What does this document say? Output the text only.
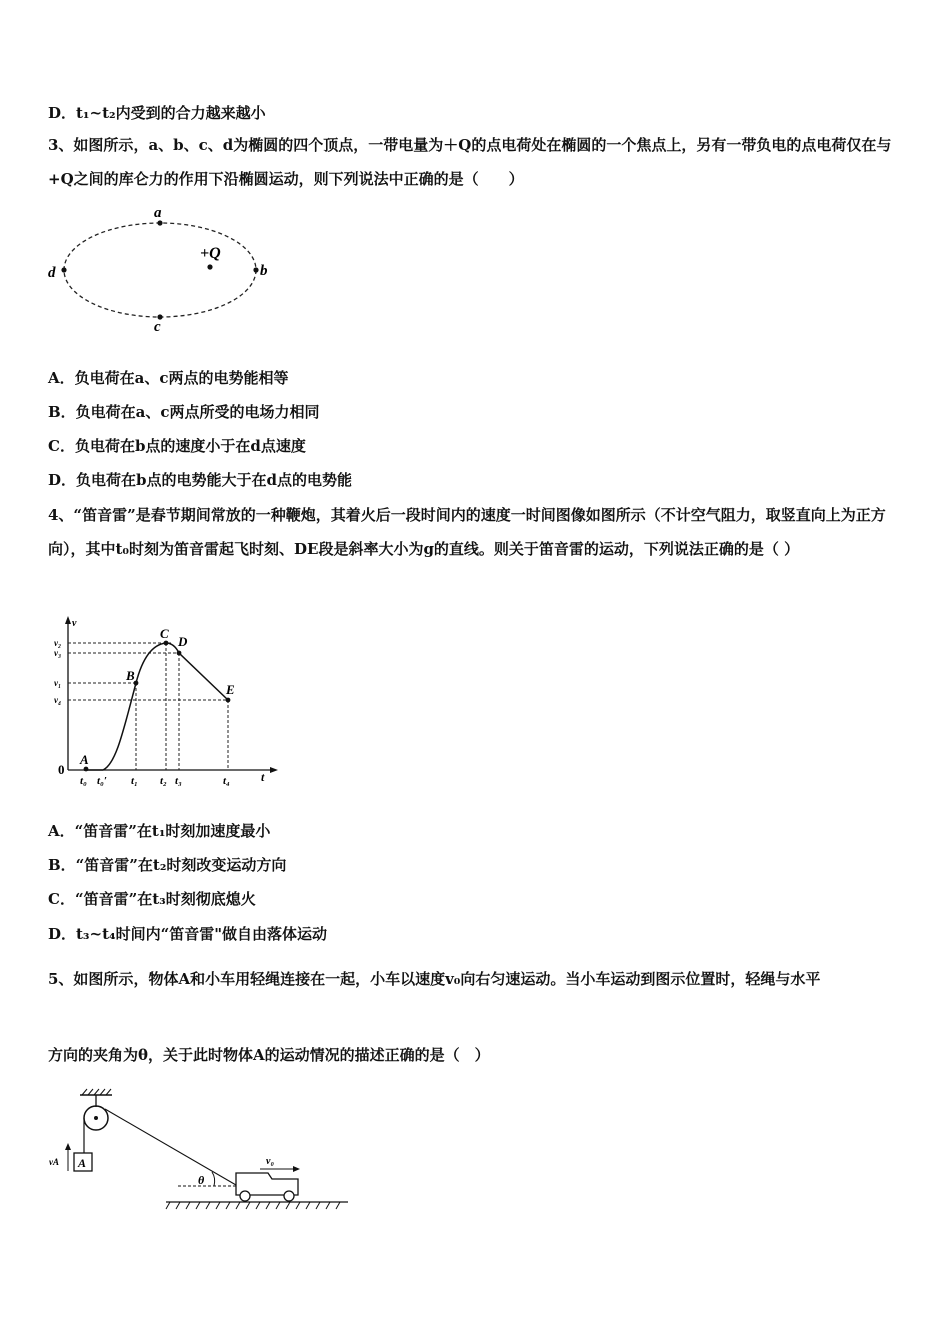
D．t₁~t₂内受到的合力越来越小
3、如图所示，a、b、c、d为椭圆的四个顶点，一带电量为＋Q的点电荷处在椭圆的一个焦点上，另有一带负电的点电荷仅在与+Q之间的库仑力的作用下沿椭圆运动，则下列说法中正确的是（　　）
a
b
c
d
+Q
A．负电荷在a、c两点的电势能相等
B．负电荷在a、c两点所受的电场力相同
C．负电荷在b点的速度小于在d点速度
D．负电荷在b点的电势能大于在d点的电势能
4、“笛音雷”是春节期间常放的一种鞭炮，其着火后一段时间内的速度一时间图像如图所示（不计空气阻力，取竖直向上为正方向），其中t₀时刻为笛音雷起飞时刻、DE段是斜率大小为g的直线。则关于笛音雷的运动，下列说法正确的是（ ）
v
t
0
A
B
C
D
E
v₂
v₃
v₁
v₄
t₀ t₀′ t₁ t₂ t₃	t₄
A．“笛音雷”在t₁时刻加速度最小
B．“笛音雷”在t₂时刻改变运动方向
C．“笛音雷”在t₃时刻彻底熄火
D．t₃~t₄时间内“笛音雷"做自由落体运动
5、如图所示，物体A和小车用轻绳连接在一起，小车以速度v₀向右匀速运动。当小车运动到图示位置时，轻绳与水平
方向的夹角为θ，关于此时物体A的运动情况的描述正确的是（　）
A
vA
θ
v₀
